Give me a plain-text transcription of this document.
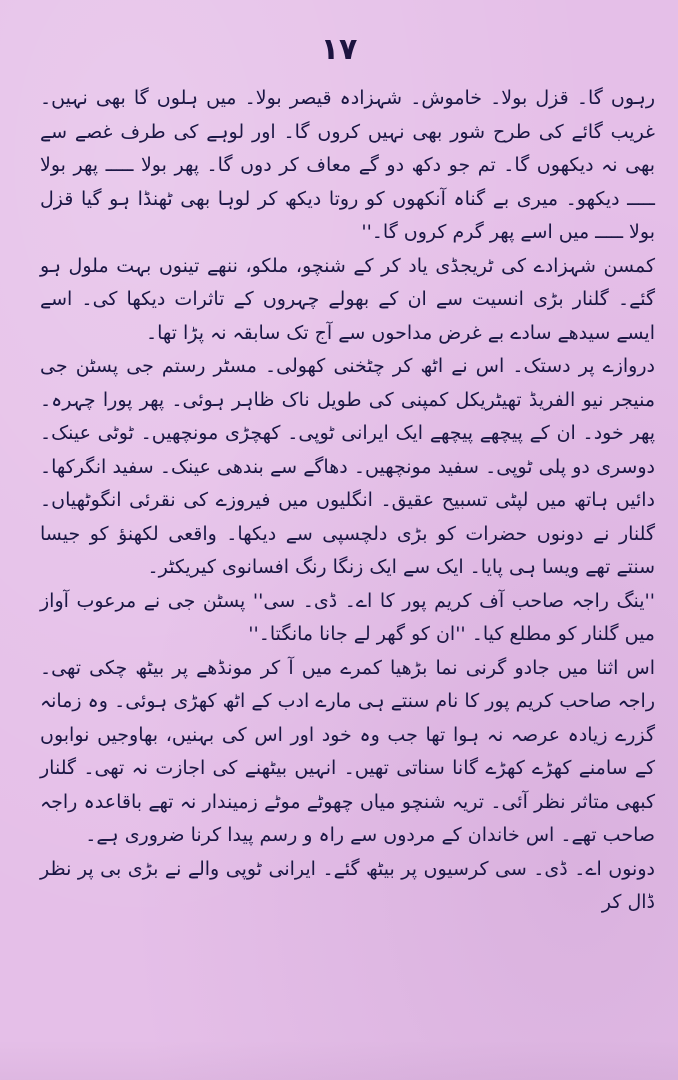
۱۷

رہوں گا۔ قزل بولا۔ خاموش۔ شہزادہ قیصر بولا۔ میں ہلوں گا بھی نہیں۔ غریب گائے کی طرح شور بھی نہیں کروں گا۔ اور لوہے کی طرف غصے سے بھی نہ دیکھوں گا۔ تم جو دکھ دو گے معاف کر دوں گا۔ پھر بولا ـــــ پھر بولا ـــــ دیکھو۔ میری بے گناہ آنکھوں کو روتا دیکھ کر لوہا بھی ٹھنڈا ہو گیا قزل بولا ـــــ میں اسے پھر گرم کروں گا۔''

کمسن شہزادے کی ٹریجڈی یاد کر کے شنچو، ملکو، ننھے تینوں بہت ملول ہو گئے۔ گلنار بڑی انسیت سے ان کے بھولے چہروں کے تاثرات دیکھا کی۔ اسے ایسے سیدھے سادے بے غرض مداحوں سے آج تک سابقہ نہ پڑا تھا۔

دروازے پر دستک۔ اس نے اٹھ کر چٹخنی کھولی۔ مسٹر رستم جی پسٹن جی منیجر نیو الفریڈ تھیٹریکل کمپنی کی طویل ناک ظاہر ہوئی۔ پھر پورا چہرہ۔ پھر خود۔ ان کے پیچھے پیچھے ایک ایرانی ٹوپی۔ کھچڑی مونچھیں۔ ٹوٹی عینک۔ دوسری دو پلی ٹوپی۔ سفید مونچھیں۔ دھاگے سے بندھی عینک۔ سفید انگرکھا۔ دائیں ہاتھ میں لپٹی تسبیح عقیق۔ انگلیوں میں فیروزے کی نقرئی انگوٹھیاں۔ گلنار نے دونوں حضرات کو بڑی دلچسپی سے دیکھا۔ واقعی لکھنؤ کو جیسا سنتے تھے ویسا ہی پایا۔ ایک سے ایک زنگا رنگ افسانوی کیریکٹر۔

''ینگ راجہ صاحب آف کریم پور کا اے۔ ڈی۔ سی'' پسٹن جی نے مرعوب آواز میں گلنار کو مطلع کیا۔ ''ان کو گھر لے جانا مانگتا۔''

اس اثنا میں جادو گرنی نما بڑھیا کمرے میں آ کر مونڈھے پر بیٹھ چکی تھی۔ راجہ صاحب کریم پور کا نام سنتے ہی مارے ادب کے اٹھ کھڑی ہوئی۔ وہ زمانہ گزرے زیادہ عرصہ نہ ہوا تھا جب وہ خود اور اس کی بہنیں، بھاوجیں نوابوں کے سامنے کھڑے کھڑے گانا سناتی تھیں۔ انہیں بیٹھنے کی اجازت نہ تھی۔ گلنار کبھی متاثر نظر آئی۔ تریہ شنچو میاں چھوٹے موٹے زمیندار نہ تھے باقاعدہ راجہ صاحب تھے۔ اس خاندان کے مردوں سے راہ و رسم پیدا کرنا ضروری ہے۔

دونوں اے۔ ڈی۔ سی کرسیوں پر بیٹھ گئے۔ ایرانی ٹوپی والے نے بڑی بی پر نظر ڈال کر
